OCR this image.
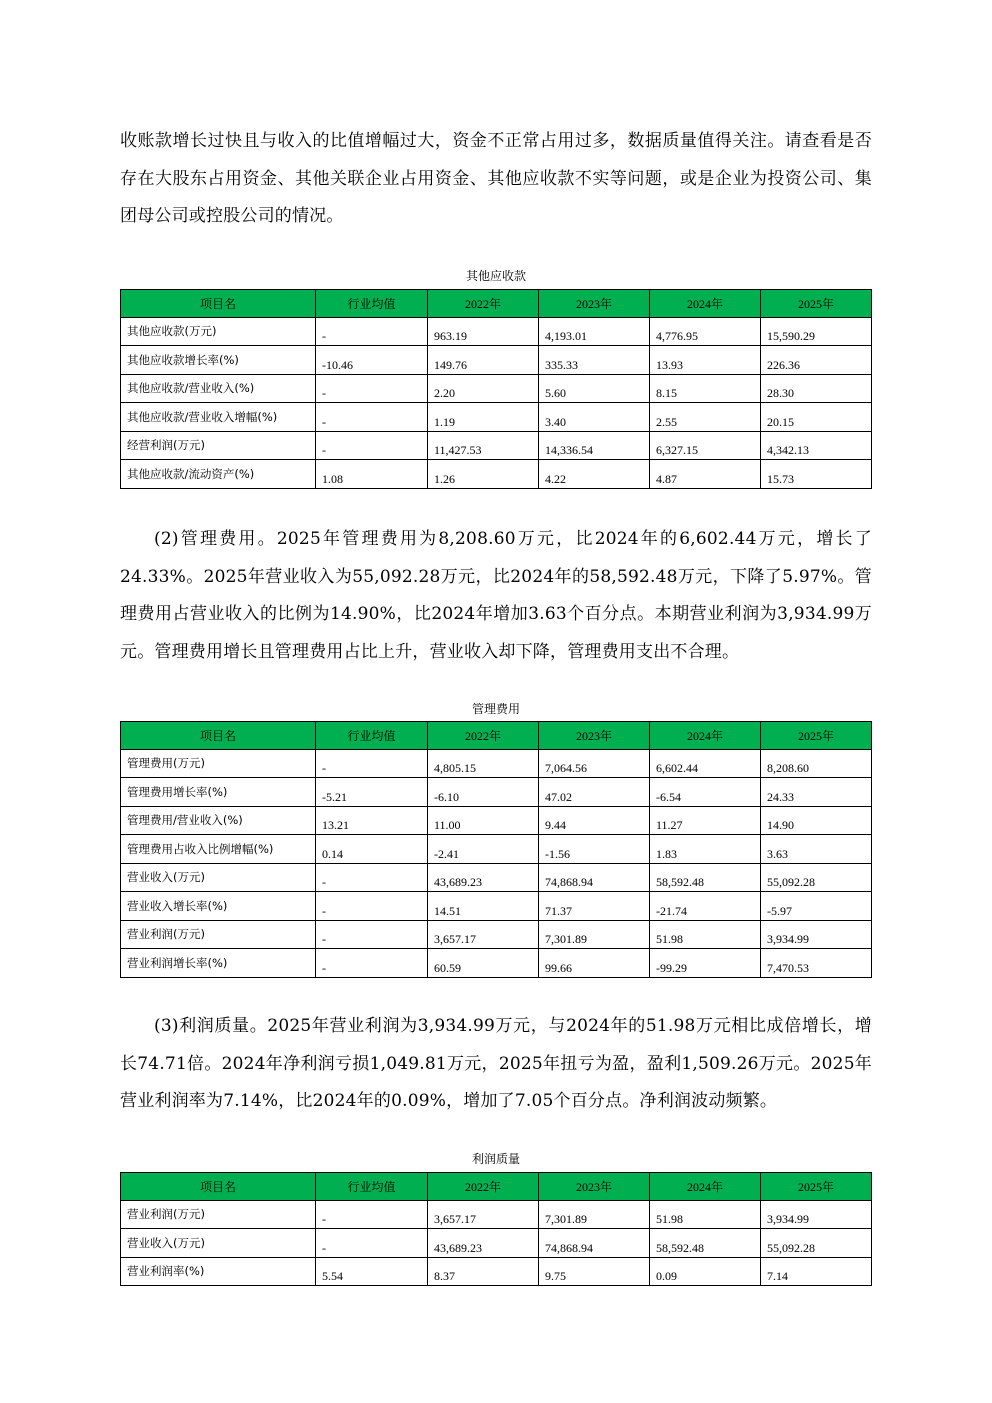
收账款增长过快且与收入的比值增幅过大，资金不正常占用过多，数据质量值得关注。请查看是否存在大股东占用资金、其他关联企业占用资金、其他应收款不实等问题，或是企业为投资公司、集团母公司或控股公司的情况。

其他应收款
项目名	行业均值	2022年	2023年	2024年	2025年
其他应收款(万元)	-	963.19	4,193.01	4,776.95	15,590.29
其他应收款增长率(%)	-10.46	149.76	335.33	13.93	226.36
其他应收款/营业收入(%)	-	2.20	5.60	8.15	28.30
其他应收款/营业收入增幅(%)	-	1.19	3.40	2.55	20.15
经营利润(万元)	-	11,427.53	14,336.54	6,327.15	4,342.13
其他应收款/流动资产(%)	1.08	1.26	4.22	4.87	15.73

(2)管理费用。2025年管理费用为8,208.60万元，比2024年的6,602.44万元，增长了24.33%。2025年营业收入为55,092.28万元，比2024年的58,592.48万元，下降了5.97%。管理费用占营业收入的比例为14.90%，比2024年增加3.63个百分点。本期营业利润为3,934.99万元。管理费用增长且管理费用占比上升，营业收入却下降，管理费用支出不合理。

管理费用
项目名	行业均值	2022年	2023年	2024年	2025年
管理费用(万元)	-	4,805.15	7,064.56	6,602.44	8,208.60
管理费用增长率(%)	-5.21	-6.10	47.02	-6.54	24.33
管理费用/营业收入(%)	13.21	11.00	9.44	11.27	14.90
管理费用占收入比例增幅(%)	0.14	-2.41	-1.56	1.83	3.63
营业收入(万元)	-	43,689.23	74,868.94	58,592.48	55,092.28
营业收入增长率(%)	-	14.51	71.37	-21.74	-5.97
营业利润(万元)	-	3,657.17	7,301.89	51.98	3,934.99
营业利润增长率(%)	-	60.59	99.66	-99.29	7,470.53

(3)利润质量。2025年营业利润为3,934.99万元，与2024年的51.98万元相比成倍增长，增长74.71倍。2024年净利润亏损1,049.81万元，2025年扭亏为盈，盈利1,509.26万元。2025年营业利润率为7.14%，比2024年的0.09%，增加了7.05个百分点。净利润波动频繁。

利润质量
项目名	行业均值	2022年	2023年	2024年	2025年
营业利润(万元)	-	3,657.17	7,301.89	51.98	3,934.99
营业收入(万元)	-	43,689.23	74,868.94	58,592.48	55,092.28
营业利润率(%)	5.54	8.37	9.75	0.09	7.14
